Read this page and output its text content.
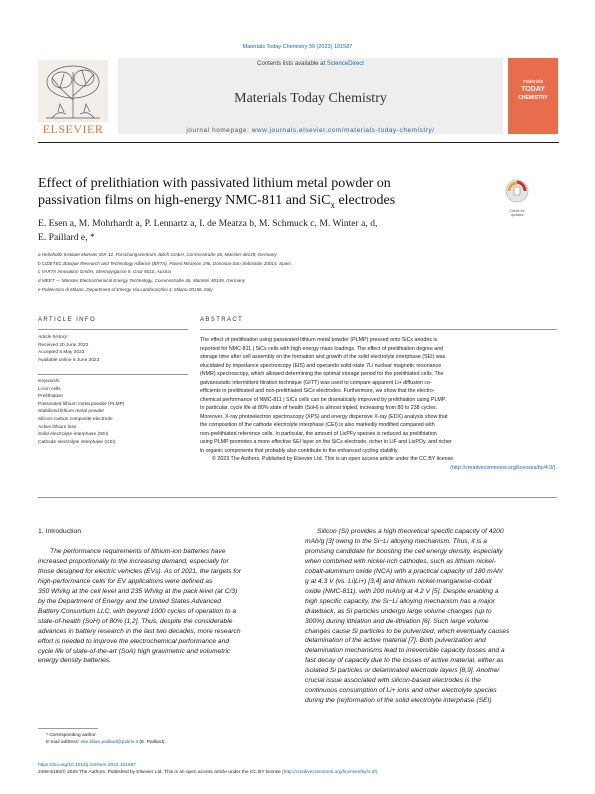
Materials Today Chemistry 30 (2023) 101587
ELSEVIER
Contents lists available at ScienceDirect
Materials Today Chemistry
journal homepage: www.journals.elsevier.com/materials-today-chemistry/
materials
TODAY
CHEMISTRY
Effect of prelithiation with passivated lithium metal powder on
passivation films on high-energy NMC-811 and SiC$_x$ electrodes
Check for updates
E. Esen a, M. Mohrhardt a, P. Lennartz a, I. de Meatza b, M. Schmuck c, M. Winter a, d,
E. Paillard e, *
a Helmholtz-Institute Münster IEK-12, Forschungszentrum Jülich GmbH, Corrensstraße 46, Münster 48149, Germany
b CIDETEC Basque Research and Technology Alliance (BRTA), Paseo Miramón 196, Donostia-San Sebastián 20014, Spain
c VARTA Innovation GmbH, Stremayrgasse 9, Graz 8010, Austria
d MEET — Münster Electrochemical Energy Technology, Corrensstraße 46, Münster 48149, Germany
e Politecnico di Milano, Department of Energy Via Lambruschini 4, Milano 20156, Italy
ARTICLE INFO
Article history:
Received 20 June 2022
Accepted 5 May 2023
Available online 6 June 2023
Keywords:
Li-ion cells
Prelithiation
Passivated lithium metal powder (PLMP)
Stabilized lithium metal powder
Silicon-carbon composite electrode
Active lithium loss
Solid-electrolyte-interphase (SEI)
Cathode electrolyte interphase (CEI)
ABSTRACT
The effect of prelithiation using passivated lithium metal powder (PLMP) pressed onto SiCx anodes is
reported for NMC-811 | SiCx cells with high energy mass loadings. The effect of prelithiation degree and
storage time after cell assembly on the formation and growth of the solid electrolyte interphase (SEI) was
elucidated by impedance spectroscopy (EIS) and operando solid-state 7Li nuclear magnetic resonance
(NMR) spectroscopy, which allowed determining the optimal storage period for the prelithiated cells. The
galvanostatic intermittent titration technique (GITT) was used to compare apparent Li+ diffusion co-
efficients in prelithiated and non-prelithiated SiCx electrodes. Furthermore, we show that the electro-
chemical performance of NMC-811 | SiCx cells can be dramatically improved by prelithiation using PLMP.
In particular, cycle life at 80% state of health (SoH) is almost tripled, increasing from 80 to 238 cycles.
Moreover, X-ray photoelectron spectroscopy (XPS) and energy dispersive X-ray (EDX) analysis show that
the composition of the cathode electrolyte interphase (CEI) is also markedly modified compared with
non-prelithiated reference cells. In particular, the amount of LixPFy species is reduced as prelithiation
using PLMP promotes a more effective SEI layer on the SiCx electrode, richer in LiF and LixPOy, and richer
in organic components that probably also contribute to the enhanced cycling stability.
© 2023 The Authors. Published by Elsevier Ltd. This is an open access article under the CC BY license
(http://creativecommons.org/licenses/by/4.0/).
1. Introduction
The performance requirements of lithium-ion batteries have
increased proportionally to the increasing demand, especially for
those designed for electric vehicles (EVs). As of 2021, the targets for
high-performance cells for EV applications were defined as
350 Wh/kg at the cell level and 235 Wh/kg at the pack level (at C/3)
by the Department of Energy and the United States Advanced
Battery Consortium LLC, with beyond 1000 cycles of operation to a
state-of-health (SoH) of 80% [1,2]. Thus, despite the considerable
advances in battery research in the last two decades, more research
effort is needed to improve the electrochemical performance and
cycle life of state-of-the-art (SoA) high gravimetric and volumetric
energy density batteries.
Silicon (Si) provides a high theoretical specific capacity of 4200
mAh/g [3] owing to the Si−Li alloying mechanism. Thus, it is a
promising candidate for boosting the cell energy density, especially
when combined with nickel-rich cathodes, such as lithium nickel-
cobalt-aluminum oxide (NCA) with a practical capacity of 180 mAh/
g at 4.3 V (vs. Li|Li+) [3,4] and lithium nickel-manganese-cobalt
oxide (NMC-811), with 200 mAh/g at 4.2 V [5]. Despite enabling a
high specific capacity, the Si−Li alloying mechanism has a major
drawback, as Si particles undergo large volume changes (up to
300%) during lithiation and de-lithiation [6]. Such large volume
changes cause Si particles to be pulverized, which eventually causes
delamination of the active material [7]. Both pulverization and
delamination mechanisms lead to irreversible capacity losses and a
fast decay of capacity due to the losses of active material, either as
isolated Si particles or delaminated electrode layers [8,9]. Another
crucial issue associated with silicon-based electrodes is the
continuous consumption of Li+ ions and other electrolyte species
during the (re)formation of the solid electrolyte interphase (SEI)
* Corresponding author.
E-mail address: elie.lillian.paillard@polimi.it (E. Paillard).
https://doi.org/10.1016/j.mtchem.2023.101587
2468-5194/© 2023 The Authors. Published by Elsevier Ltd. This is an open access article under the CC BY license (http://creativecommons.org/licenses/by/4.0/).
